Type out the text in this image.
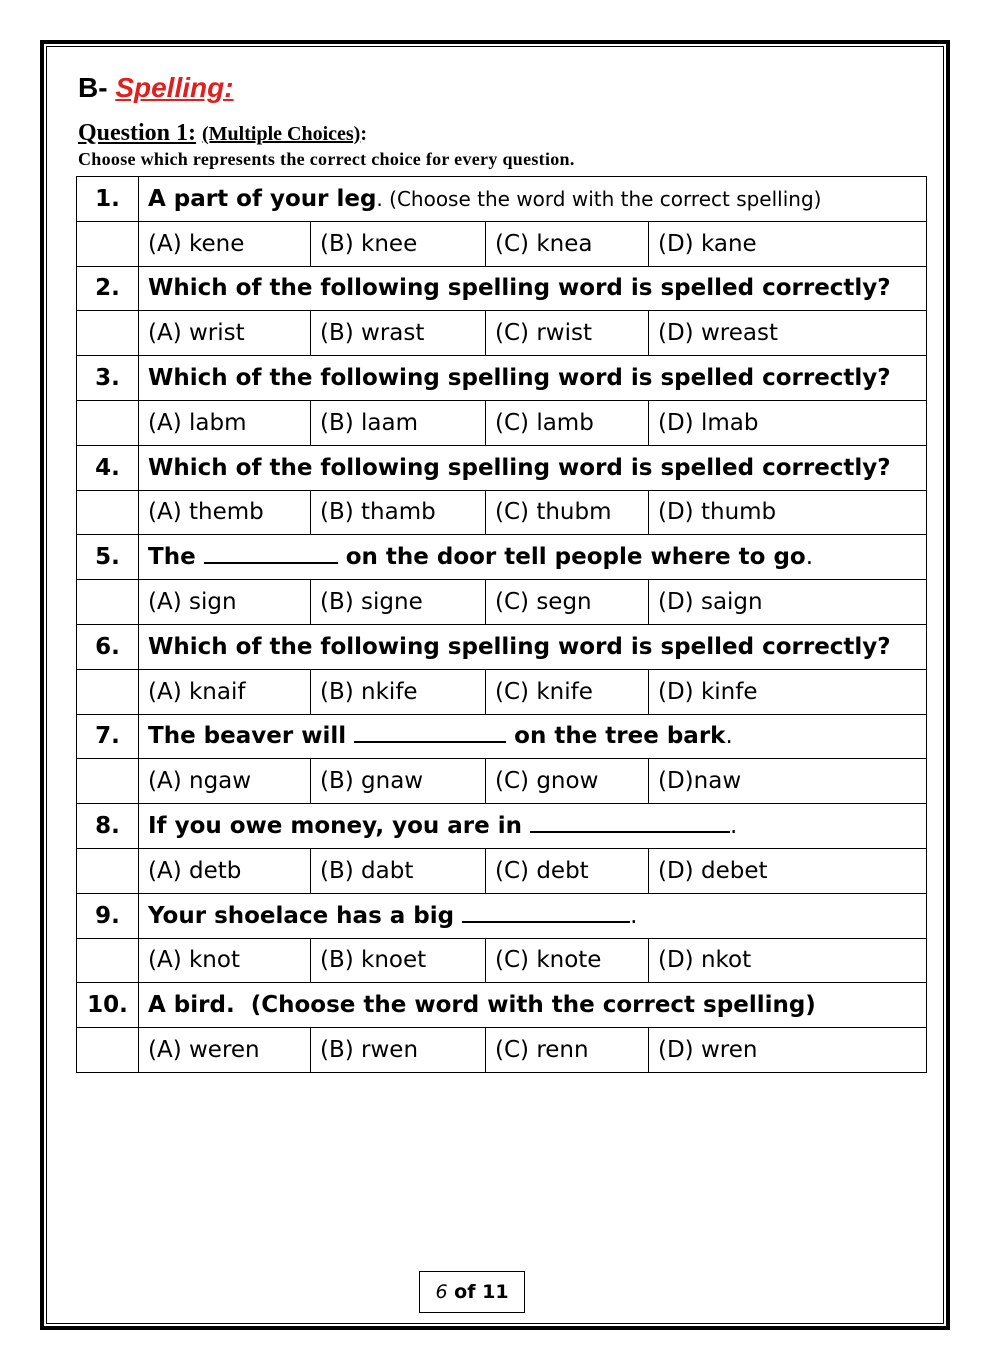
B- Spelling:
Question 1: (Multiple Choices):
Choose which represents the correct choice for every question.
1.	A part of your leg. (Choose the word with the correct spelling)			
	(A) kene	(B) knee	(C) knea	(D) kane
2.	Which of the following spelling word is spelled correctly?			
	(A) wrist	(B) wrast	(C) rwist	(D) wreast
3.	Which of the following spelling word is spelled correctly?			
	(A) labm	(B) laam	(C) lamb	(D) lmab
4.	Which of the following spelling word is spelled correctly?			
	(A) themb	(B) thamb	(C) thubm	(D) thumb
5.	The on the door tell people where to go.			
	(A) sign	(B) signe	(C) segn	(D) saign
6.	Which of the following spelling word is spelled correctly?			
	(A) knaif	(B) nkife	(C) knife	(D) kinfe
7.	The beaver will on the tree bark.			
	(A) ngaw	(B) gnaw	(C) gnow	(D)naw
8.	If you owe money, you are in .			
	(A) detb	(B) dabt	(C) debt	(D) debet
9.	Your shoelace has a big .			
	(A) knot	(B) knoet	(C) knote	(D) nkot
10.	A bird.  (Choose the word with the correct spelling)			
	(A) weren	(B) rwen	(C) renn	(D) wren
6 of 11
